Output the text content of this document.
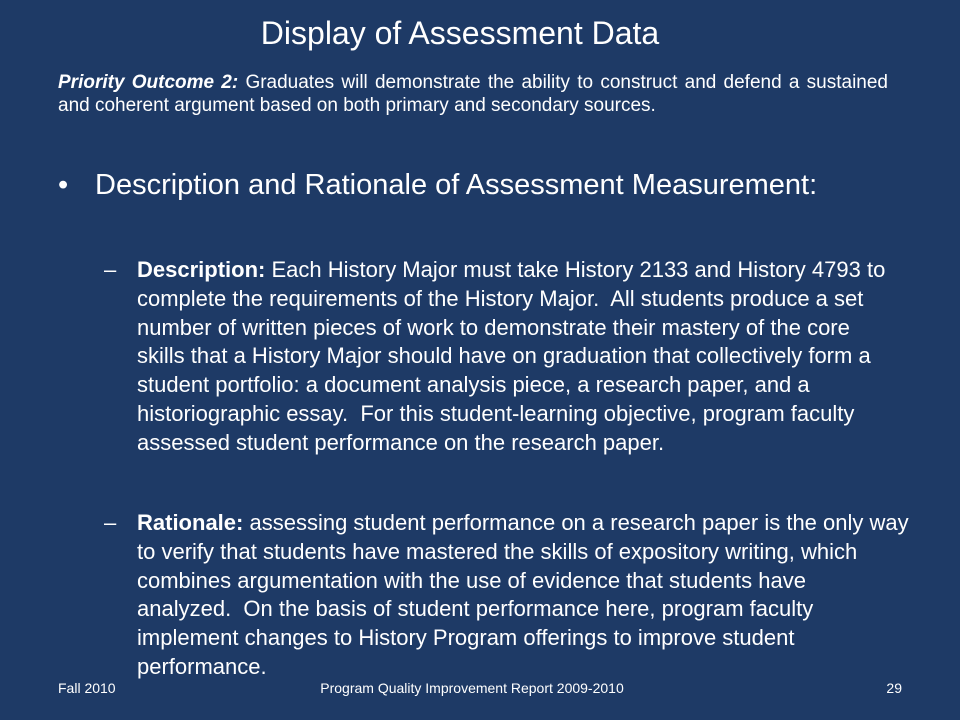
Display of Assessment Data
Priority Outcome 2: Graduates will demonstrate the ability to construct and defend a sustained
and coherent argument based on both primary and secondary sources.
• Description and Rationale of Assessment Measurement:
– Description: Each History Major must take History 2133 and History 4793 to
complete the requirements of the History Major.  All students produce a set
number of written pieces of work to demonstrate their mastery of the core
skills that a History Major should have on graduation that collectively form a
student portfolio: a document analysis piece, a research paper, and a
historiographic essay.  For this student-learning objective, program faculty
assessed student performance on the research paper.
– Rationale: assessing student performance on a research paper is the only way
to verify that students have mastered the skills of expository writing, which
combines argumentation with the use of evidence that students have
analyzed.  On the basis of student performance here, program faculty
implement changes to History Program offerings to improve student
performance.
Fall 2010	Program Quality Improvement Report 2009-2010	29
